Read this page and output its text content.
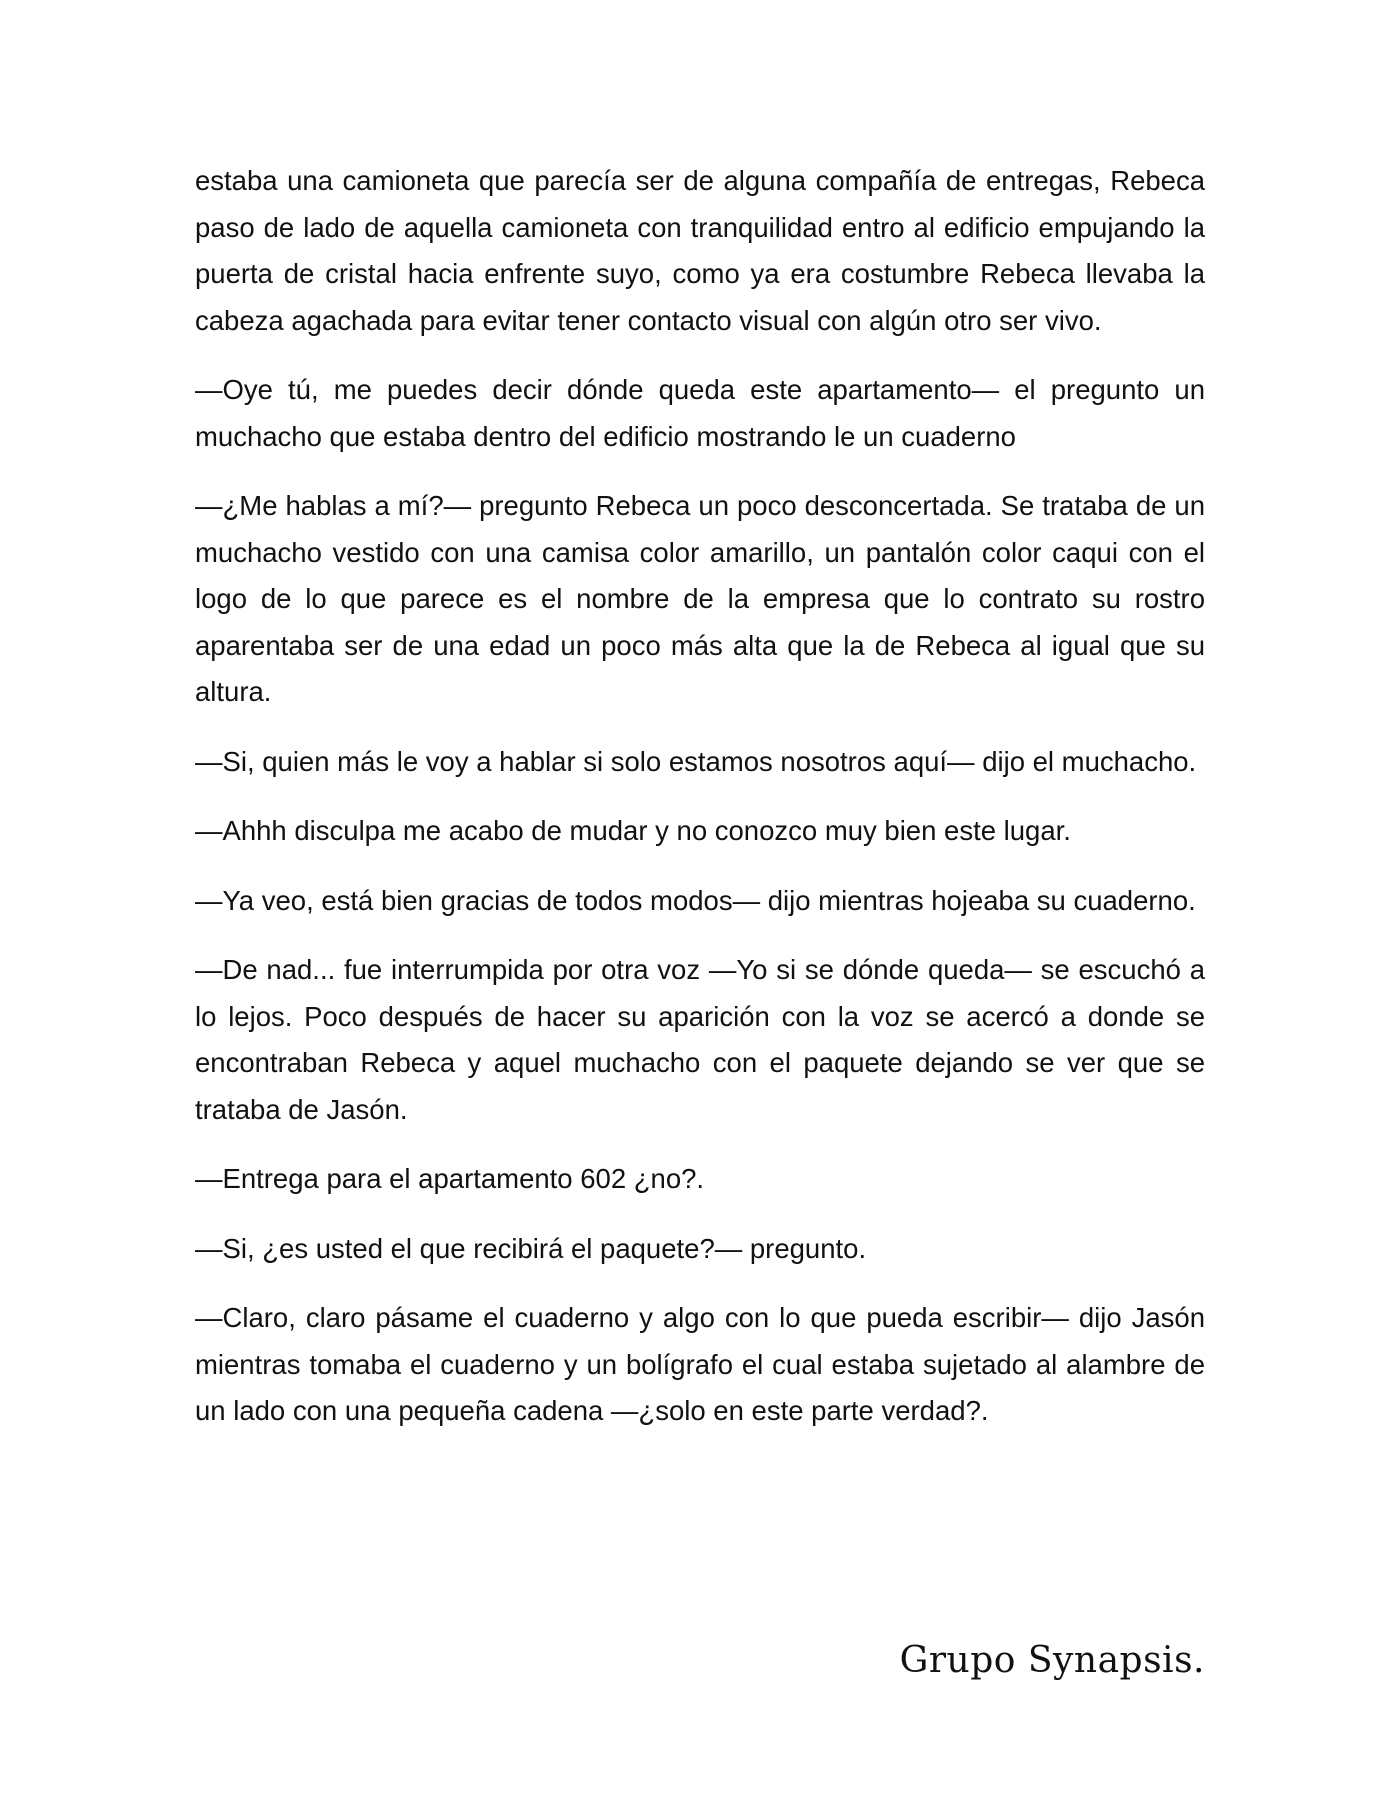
estaba una camioneta que parecía ser de alguna compañía de entregas, Rebeca paso de lado de aquella camioneta con tranquilidad entro al edificio empujando la puerta de cristal hacia enfrente suyo, como ya era costumbre Rebeca llevaba la cabeza agachada para evitar tener contacto visual con algún otro ser vivo.

—Oye tú, me puedes decir dónde queda este apartamento— el pregunto un muchacho que estaba dentro del edificio mostrando le un cuaderno

—¿Me hablas a mí?— pregunto Rebeca un poco desconcertada. Se trataba de un muchacho vestido con una camisa color amarillo, un pantalón color caqui con el logo de lo que parece es el nombre de la empresa que lo contrato su rostro aparentaba ser de una edad un poco más alta que la de Rebeca al igual que su altura.

—Si, quien más le voy a hablar si solo estamos nosotros aquí— dijo el muchacho.

—Ahhh disculpa me acabo de mudar y no conozco muy bien este lugar.

—Ya veo, está bien gracias de todos modos— dijo mientras hojeaba su cuaderno.

—De nad... fue interrumpida por otra voz —Yo si se dónde queda— se escuchó a lo lejos. Poco después de hacer su aparición con la voz se acercó a donde se encontraban Rebeca y aquel muchacho con el paquete dejando se ver que se trataba de Jasón.

—Entrega para el apartamento 602 ¿no?.

—Si, ¿es usted el que recibirá el paquete?— pregunto.

—Claro, claro pásame el cuaderno y algo con lo que pueda escribir— dijo Jasón mientras tomaba el cuaderno y un bolígrafo el cual estaba sujetado al alambre de un lado con una pequeña cadena —¿solo en este parte verdad?.

Grupo Synapsis.
